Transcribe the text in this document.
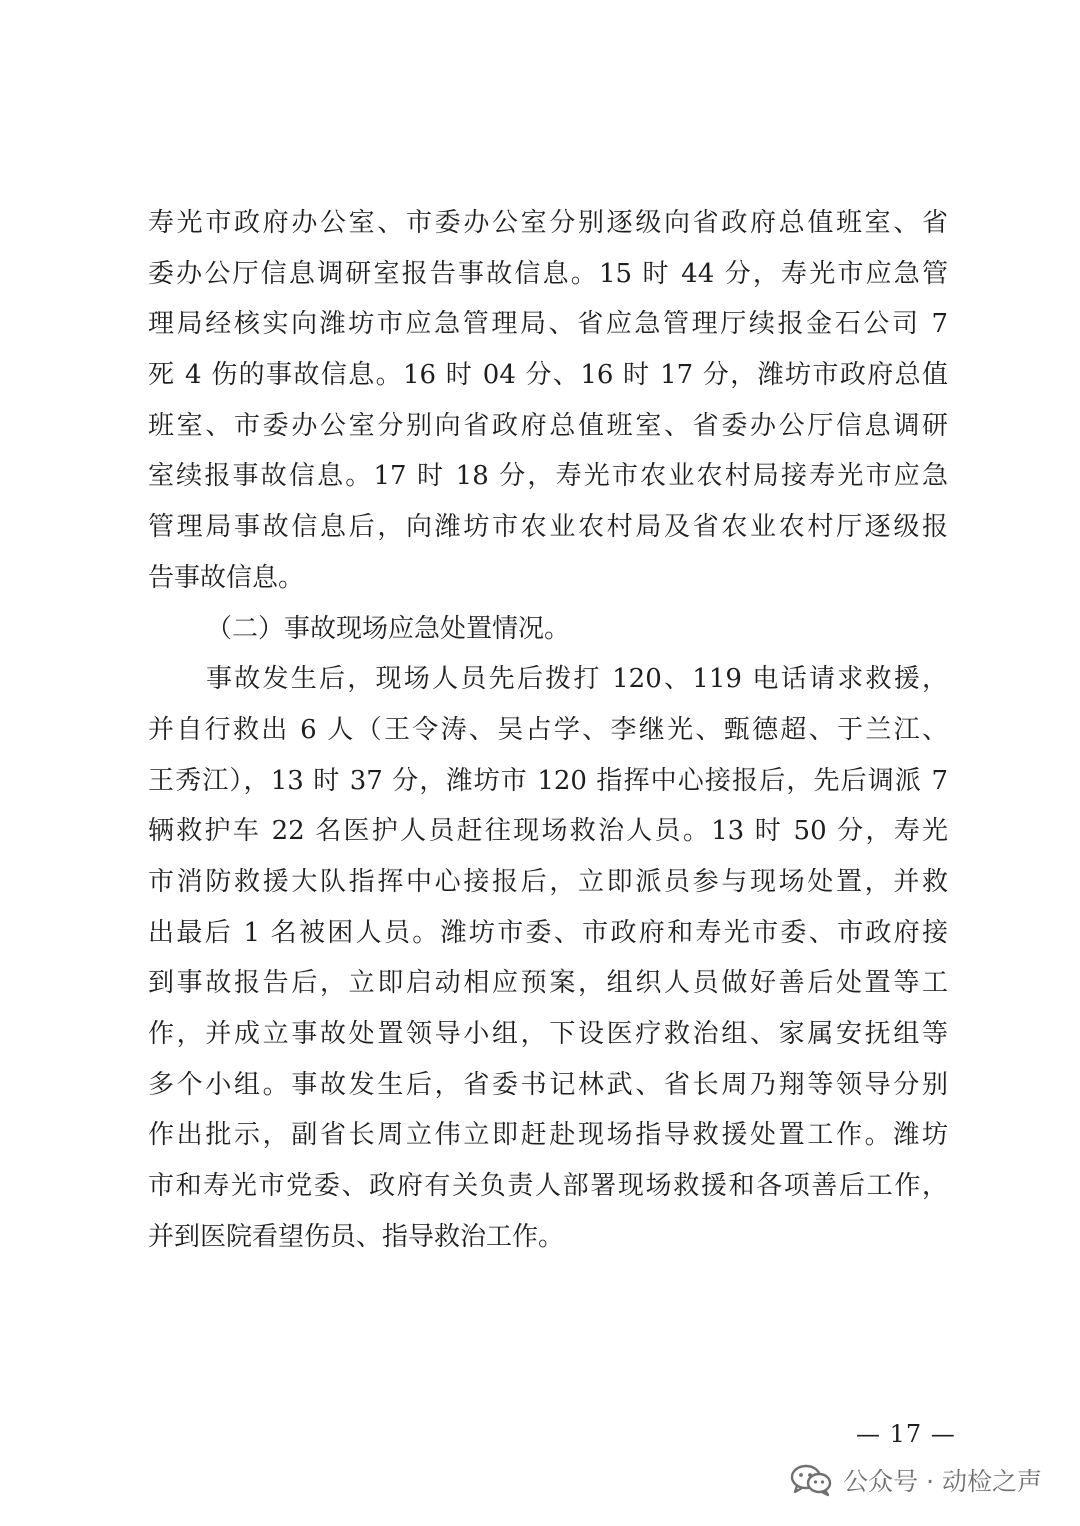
寿光市政府办公室、市委办公室分别逐级向省政府总值班室、省
委办公厅信息调研室报告事故信息。15 时 44 分，寿光市应急管
理局经核实向潍坊市应急管理局、省应急管理厅续报金石公司 7
死 4 伤的事故信息。16 时 04 分、16 时 17 分，潍坊市政府总值
班室、市委办公室分别向省政府总值班室、省委办公厅信息调研
室续报事故信息。17 时 18 分，寿光市农业农村局接寿光市应急
管理局事故信息后，向潍坊市农业农村局及省农业农村厅逐级报
告事故信息。
（二）事故现场应急处置情况。
事故发生后，现场人员先后拨打 120、119 电话请求救援，
并自行救出 6 人（王令涛、吴占学、李继光、甄德超、于兰江、
王秀江），13 时 37 分，潍坊市 120 指挥中心接报后，先后调派 7
辆救护车 22 名医护人员赶往现场救治人员。13 时 50 分，寿光
市消防救援大队指挥中心接报后，立即派员参与现场处置，并救
出最后 1 名被困人员。潍坊市委、市政府和寿光市委、市政府接
到事故报告后，立即启动相应预案，组织人员做好善后处置等工
作，并成立事故处置领导小组，下设医疗救治组、家属安抚组等
多个小组。事故发生后，省委书记林武、省长周乃翔等领导分别
作出批示，副省长周立伟立即赶赴现场指导救援处置工作。潍坊
市和寿光市党委、政府有关负责人部署现场救援和各项善后工作，
并到医院看望伤员、指导救治工作。
— 17 —
公众号 · 动检之声
